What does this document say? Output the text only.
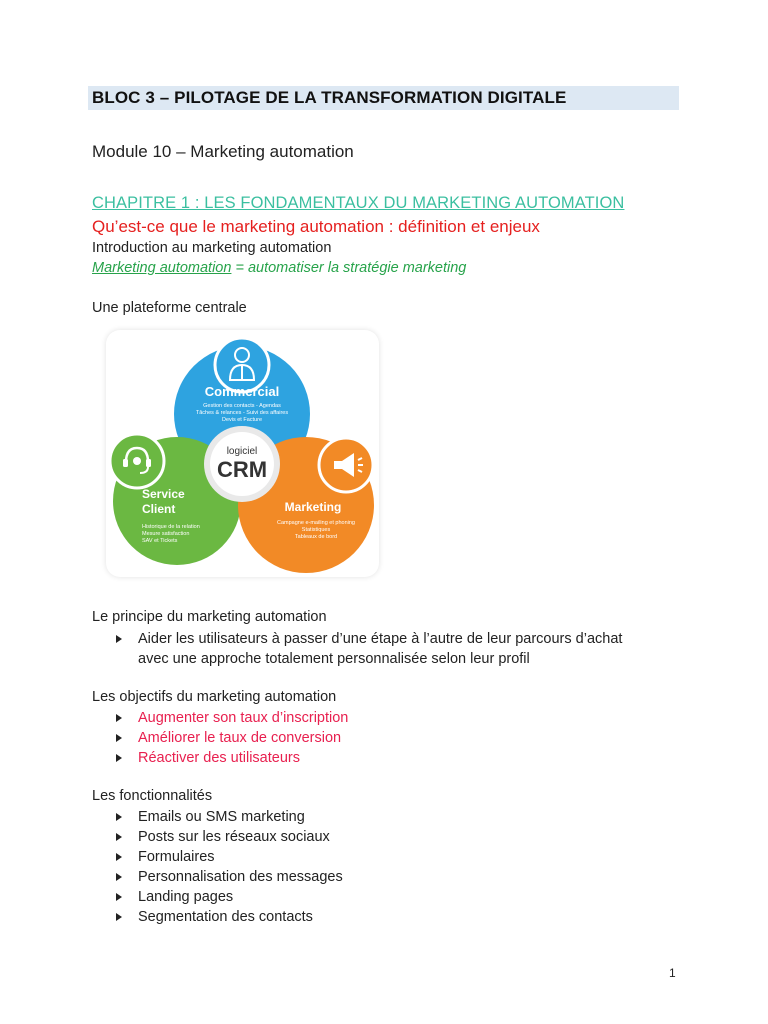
BLOC 3 – PILOTAGE DE LA TRANSFORMATION DIGITALE
Module 10 – Marketing automation
CHAPITRE 1 : LES FONDAMENTAUX DU MARKETING AUTOMATION
Qu’est-ce que le marketing automation : définition et enjeux
Introduction au marketing automation
Marketing automation = automatiser la stratégie marketing
Une plateforme centrale
logiciel
CRM
Commercial
Gestion des contacts - Agendas
Tâches & relances - Suivi des affaires
Devis et Facture
Service
Client
Historique de la relation
Mesure satisfaction
SAV et Tickets
Marketing
Campagne e-mailing et phoning
Statistiques
Tableaux de bord
Le principe du marketing automation
Aider les utilisateurs à passer d’une étape à l’autre de leur parcours d’achat
avec une approche totalement personnalisée selon leur profil
Les objectifs du marketing automation
Augmenter son taux d’inscription
Améliorer le taux de conversion
Réactiver des utilisateurs
Les fonctionnalités
Emails ou SMS marketing
Posts sur les réseaux sociaux
Formulaires
Personnalisation des messages
Landing pages
Segmentation des contacts
1
